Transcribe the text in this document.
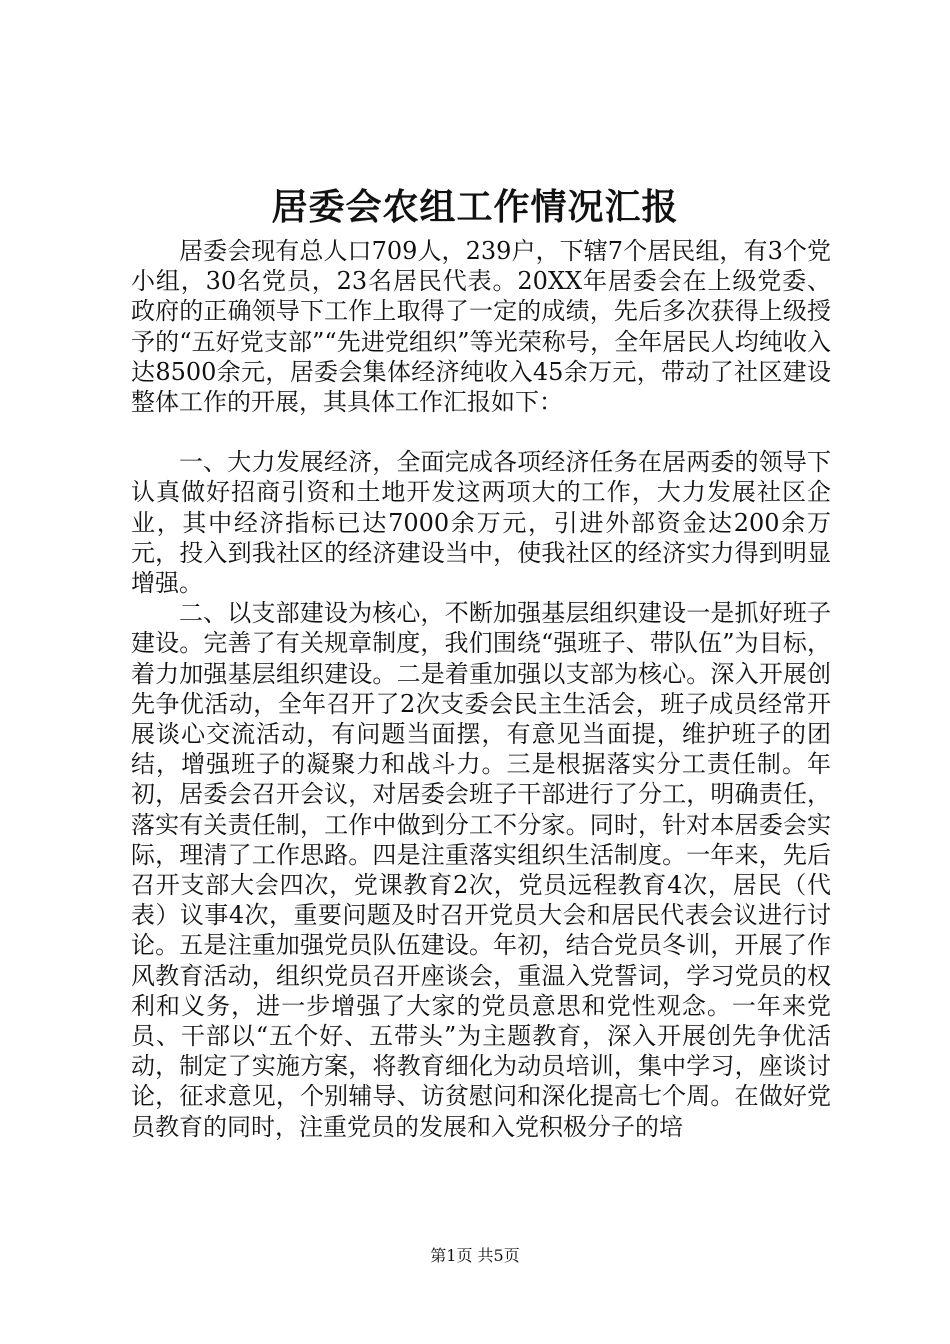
居委会农组工作情况汇报

居委会现有总人口709人，239户，下辖7个居民组，有3个党小组，30名党员，23名居民代表。20XX年居委会在上级党委、政府的正确领导下工作上取得了一定的成绩，先后多次获得上级授予的“五好党支部”“先进党组织”等光荣称号，全年居民人均纯收入达8500余元，居委会集体经济纯收入45余万元，带动了社区建设整体工作的开展，其具体工作汇报如下：

一、大力发展经济，全面完成各项经济任务在居两委的领导下认真做好招商引资和土地开发这两项大的工作，大力发展社区企业，其中经济指标已达7000余万元，引进外部资金达200余万元，投入到我社区的经济建设当中，使我社区的经济实力得到明显增强。

二、以支部建设为核心，不断加强基层组织建设一是抓好班子建设。完善了有关规章制度，我们围绕“强班子、带队伍”为目标，着力加强基层组织建设。二是着重加强以支部为核心。深入开展创先争优活动，全年召开了2次支委会民主生活会，班子成员经常开展谈心交流活动，有问题当面摆，有意见当面提，维护班子的团结，增强班子的凝聚力和战斗力。三是根据落实分工责任制。年初，居委会召开会议，对居委会班子干部进行了分工，明确责任，落实有关责任制，工作中做到分工不分家。同时，针对本居委会实际，理清了工作思路。四是注重落实组织生活制度。一年来，先后召开支部大会四次，党课教育2次，党员远程教育4次，居民（代表）议事4次，重要问题及时召开党员大会和居民代表会议进行讨论。五是注重加强党员队伍建设。年初，结合党员冬训，开展了作风教育活动，组织党员召开座谈会，重温入党誓词，学习党员的权利和义务，进一步增强了大家的党员意思和党性观念。一年来党员、干部以“五个好、五带头”为主题教育，深入开展创先争优活动，制定了实施方案，将教育细化为动员培训，集中学习，座谈讨论，征求意见，个别辅导、访贫慰问和深化提高七个周。在做好党员教育的同时，注重党员的发展和入党积极分子的培

第1页 共5页
